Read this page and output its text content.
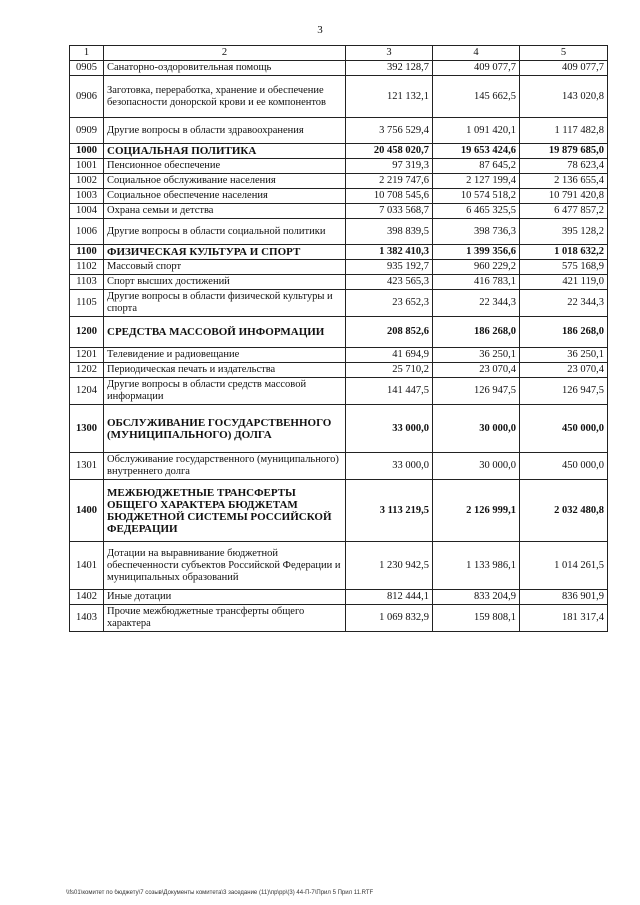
3
1	2	3	4	5
0905	Санаторно-оздоровительная помощь	392 128,7	409 077,7	409 077,7
0906	Заготовка, переработка, хранение и обеспечение безопасности донорской крови и ее компонентов	121 132,1	145 662,5	143 020,8
0909	Другие вопросы в области здравоохранения	3 756 529,4	1 091 420,1	1 117 482,8
1000	СОЦИАЛЬНАЯ ПОЛИТИКА	20 458 020,7	19 653 424,6	19 879 685,0
1001	Пенсионное обеспечение	97 319,3	87 645,2	78 623,4
1002	Социальное обслуживание населения	2 219 747,6	2 127 199,4	2 136 655,4
1003	Социальное обеспечение населения	10 708 545,6	10 574 518,2	10 791 420,8
1004	Охрана семьи и детства	7 033 568,7	6 465 325,5	6 477 857,2
1006	Другие вопросы в области социальной политики	398 839,5	398 736,3	395 128,2
1100	ФИЗИЧЕСКАЯ КУЛЬТУРА И СПОРТ	1 382 410,3	1 399 356,6	1 018 632,2
1102	Массовый спорт	935 192,7	960 229,2	575 168,9
1103	Спорт высших достижений	423 565,3	416 783,1	421 119,0
1105	Другие вопросы в области физической культуры и спорта	23 652,3	22 344,3	22 344,3
1200	СРЕДСТВА МАССОВОЙ ИНФОРМАЦИИ	208 852,6	186 268,0	186 268,0
1201	Телевидение и радиовещание	41 694,9	36 250,1	36 250,1
1202	Периодическая печать и издательства	25 710,2	23 070,4	23 070,4
1204	Другие вопросы в области средств массовой информации	141 447,5	126 947,5	126 947,5
1300	ОБСЛУЖИВАНИЕ ГОСУДАРСТВЕННОГО (МУНИЦИПАЛЬНОГО) ДОЛГА	33 000,0	30 000,0	450 000,0
1301	Обслуживание государственного (муниципального) внутреннего долга	33 000,0	30 000,0	450 000,0
1400	МЕЖБЮДЖЕТНЫЕ ТРАНСФЕРТЫ ОБЩЕГО ХАРАКТЕРА БЮДЖЕТАМ БЮДЖЕТНОЙ СИСТЕМЫ РОССИЙСКОЙ ФЕДЕРАЦИИ	3 113 219,5	2 126 999,1	2 032 480,8
1401	Дотации на выравнивание бюджетной обеспеченности субъектов Российской Федерации и муниципальных образований	1 230 942,5	1 133 986,1	1 014 261,5
1402	Иные дотации	812 444,1	833 204,9	836 901,9
1403	Прочие межбюджетные трансферты общего характера	1 069 832,9	159 808,1	181 317,4
\\fs01\комитет по бюджету\7 созыв\Документы комитета\3 заседание (11)\пр\рр\(3) 44-П-7\Прил 5 Прил 11.RTF
